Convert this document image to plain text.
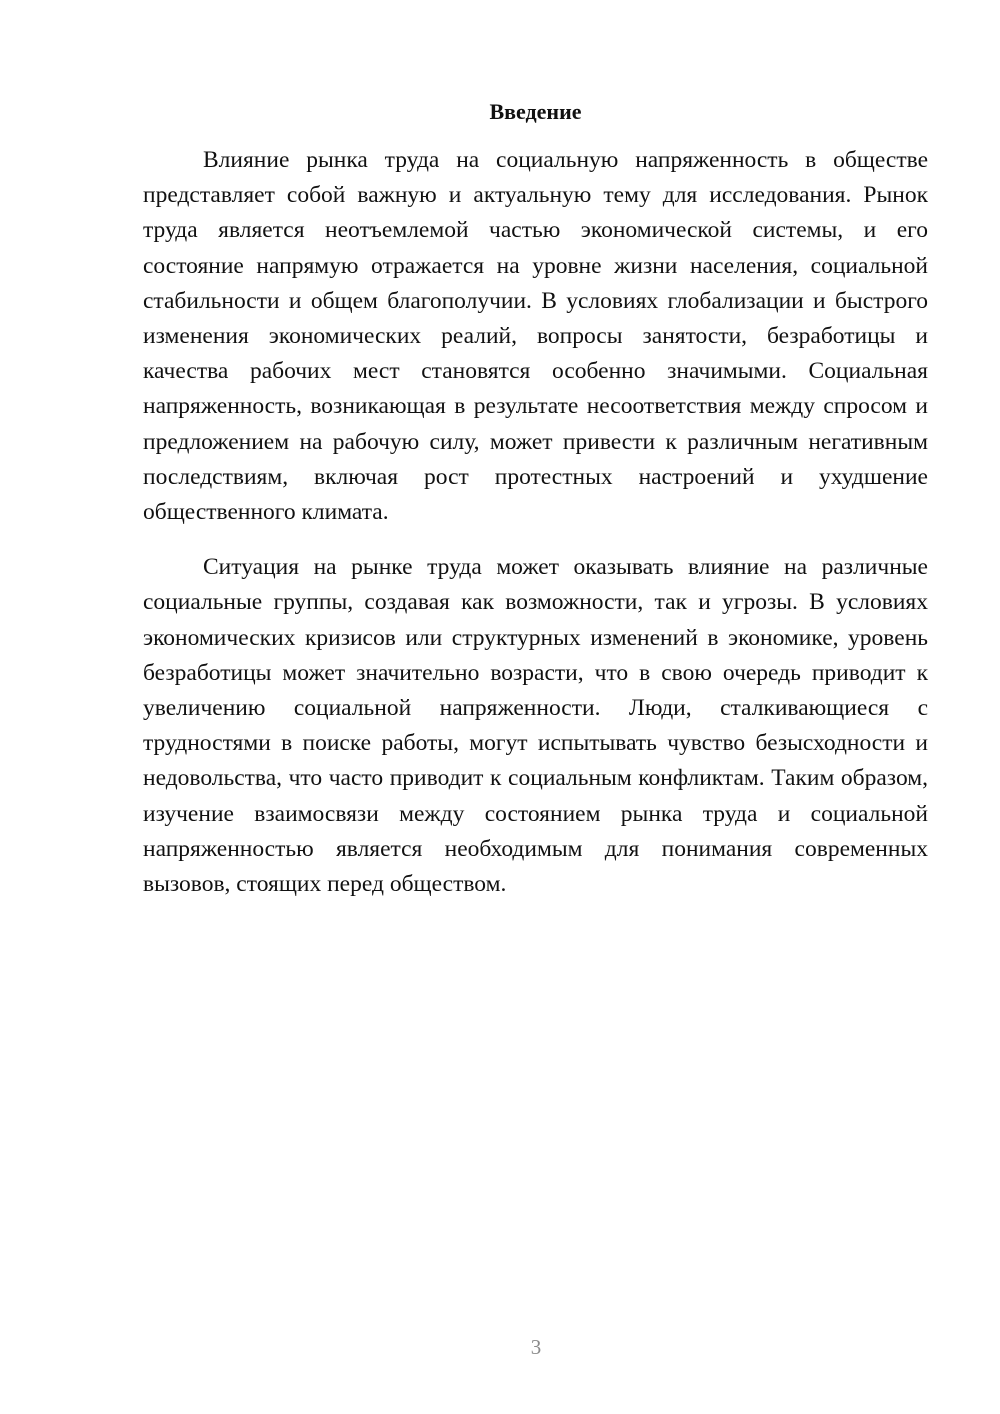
Введение

Влияние рынка труда на социальную напряженность в обществе представляет собой важную и актуальную тему для исследования. Рынок труда является неотъемлемой частью экономической системы, и его состояние напрямую отражается на уровне жизни населения, социальной стабильности и общем благополучии. В условиях глобализации и быстрого изменения экономических реалий, вопросы занятости, безработицы и качества рабочих мест становятся особенно значимыми. Социальная напряженность, возникающая в результате несоответствия между спросом и предложением на рабочую силу, может привести к различным негативным последствиям, включая рост протестных настроений и ухудшение общественного климата.

Ситуация на рынке труда может оказывать влияние на различные социальные группы, создавая как возможности, так и угрозы. В условиях экономических кризисов или структурных изменений в экономике, уровень безработицы может значительно возрасти, что в свою очередь приводит к увеличению социальной напряженности. Люди, сталкивающиеся с трудностями в поиске работы, могут испытывать чувство безысходности и недовольства, что часто приводит к социальным конфликтам. Таким образом, изучение взаимосвязи между состоянием рынка труда и социальной напряженностью является необходимым для понимания современных вызовов, стоящих перед обществом.

3
